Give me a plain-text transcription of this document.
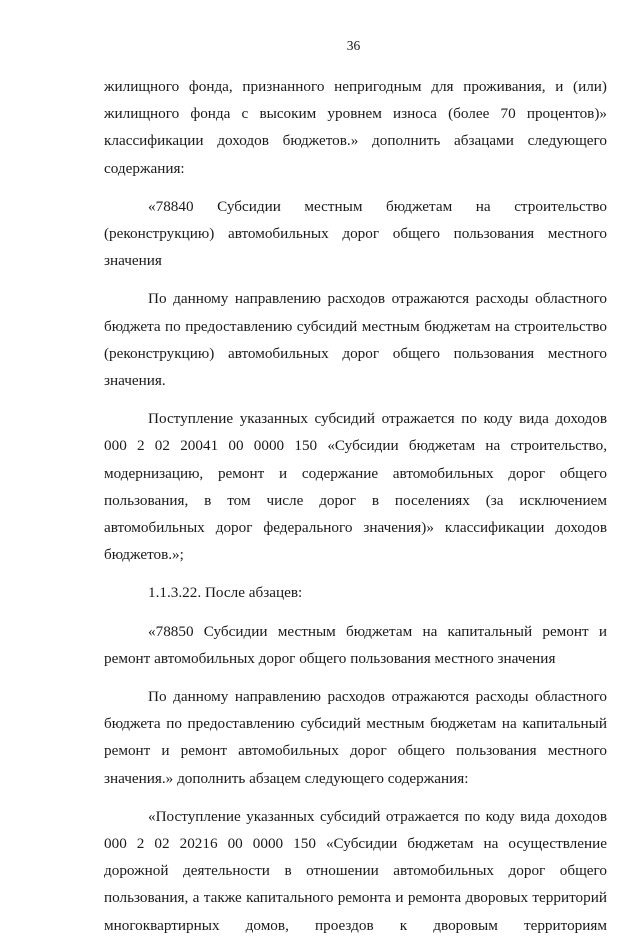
36

жилищного фонда, признанного непригодным для проживания, и (или) жилищного фонда с высоким уровнем износа (более 70 процентов)» классификации доходов бюджетов.» дополнить абзацами следующего содержания:

«78840 Субсидии местным бюджетам на строительство (реконструкцию) автомобильных дорог общего пользования местного значения

По данному направлению расходов отражаются расходы областного бюджета по предоставлению субсидий местным бюджетам на строительство (реконструкцию) автомобильных дорог общего пользования местного значения.

Поступление указанных субсидий отражается по коду вида доходов 000 2 02 20041 00 0000 150 «Субсидии бюджетам на строительство, модернизацию, ремонт и содержание автомобильных дорог общего пользования, в том числе дорог в поселениях (за исключением автомобильных дорог федерального значения)» классификации доходов бюджетов.»;

1.1.3.22. После абзацев:

«78850 Субсидии местным бюджетам на капитальный ремонт и ремонт автомобильных дорог общего пользования местного значения

По данному направлению расходов отражаются расходы областного бюджета по предоставлению субсидий местным бюджетам на капитальный ремонт и ремонт автомобильных дорог общего пользования местного значения.» дополнить абзацем следующего содержания:

«Поступление указанных субсидий отражается по коду вида доходов 000 2 02 20216 00 0000 150 «Субсидии бюджетам на осуществление дорожной деятельности в отношении автомобильных дорог общего пользования, а также капитального ремонта и ремонта дворовых территорий многоквартирных домов, проездов к дворовым территориям
